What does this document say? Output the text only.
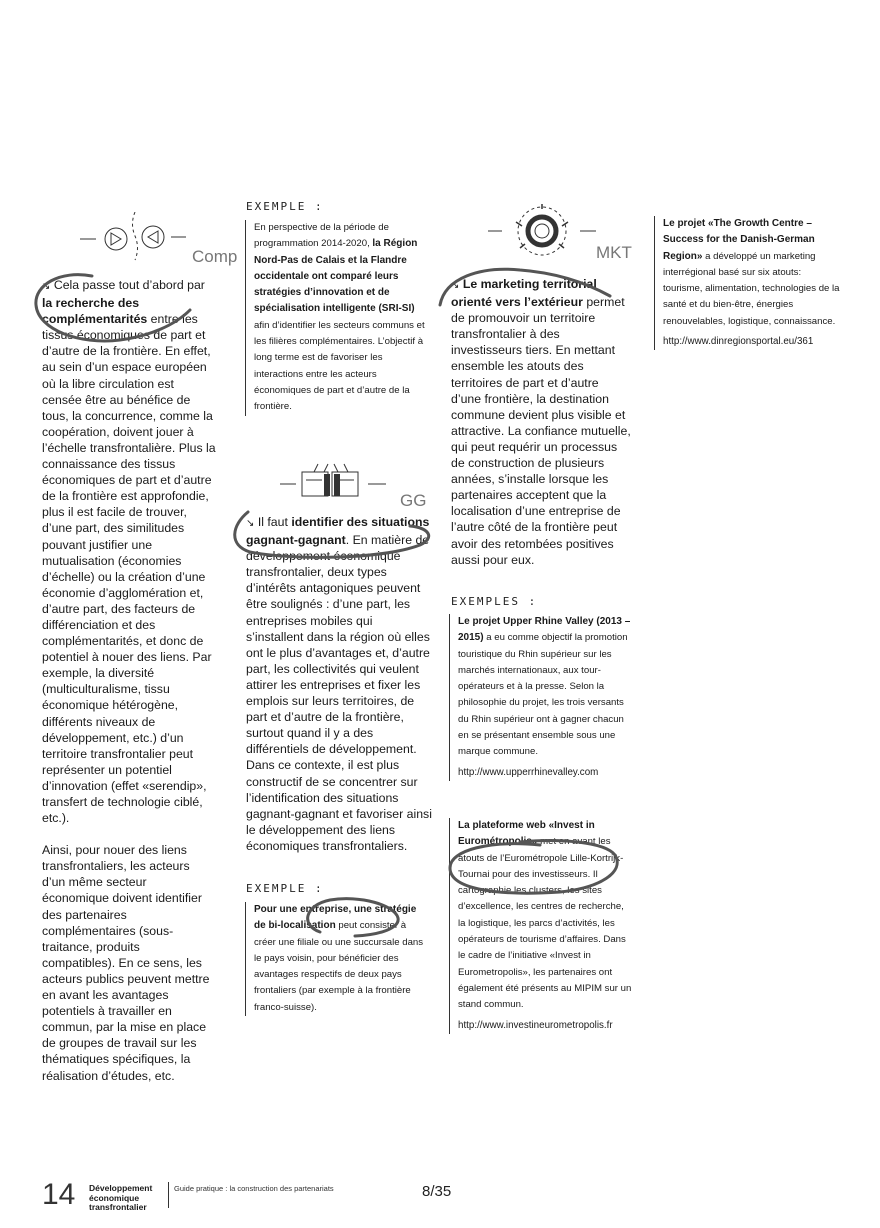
Comp

↘ Cela passe tout d’abord par la recherche des complémentarités entre les tissus économiques de part et d’autre de la frontière. En effet, au sein d’un espace européen où la libre circulation est censée être au bénéfice de tous, la concurrence, comme la coopération, doivent jouer à l’échelle transfrontalière. Plus la connaissance des tissus économiques de part et d’autre de la frontière est approfondie, plus il est facile de trouver, d’une part, des similitudes pouvant justifier une mutualisation (économies d’échelle) ou la création d’une économie d’agglomération et, d’autre part, des facteurs de différenciation et des complémentarités, et donc de potentiel à nouer des liens. Par exemple, la diversité (multiculturalisme, tissu économique hétérogène, différents niveaux de développement, etc.) d’un territoire transfrontalier peut représenter un potentiel d’innovation (effet «serendip», transfert de technologie ciblé, etc.).

Ainsi, pour nouer des liens transfrontaliers, les acteurs d’un même secteur économique doivent identifier des partenaires complémentaires (sous-traitance, produits compatibles). En ce sens, les acteurs publics peuvent mettre en avant les avantages potentiels à travailler en commun, par la mise en place de groupes de travail sur les thématiques spécifiques, la réalisation d’études, etc.

EXEMPLE :
En perspective de la période de programmation 2014-2020, la Région Nord-Pas de Calais et la Flandre occidentale ont comparé leurs stratégies d’innovation et de spécialisation intelligente (SRI-SI) afin d’identifier les secteurs communs et les filières complémentaires. L’objectif à long terme est de favoriser les interactions entre les acteurs économiques de part et d’autre de la frontière.
GG

↘ Il faut identifier des situations gagnant-gagnant. En matière de développement économique transfrontalier, deux types d’intérêts antagoniques peuvent être soulignés : d’une part, les entreprises mobiles qui s’installent dans la région où elles ont le plus d’avantages et, d’autre part, les collectivités qui veulent attirer les entreprises et fixer les emplois sur leurs territoires, de part et d’autre de la frontière, surtout quand il y a des différentiels de développement. Dans ce contexte, il est plus constructif de se concentrer sur l’identification des situations gagnant-gagnant et favoriser ainsi le développement des liens économiques transfrontaliers.

EXEMPLE :
Pour une entreprise, une stratégie de bi-localisation peut consister à créer une filiale ou une succursale dans le pays voisin, pour bénéficier des avantages respectifs de deux pays frontaliers (par exemple à la frontière franco-suisse).
MKT

↘ Le marketing territorial orienté vers l’extérieur permet de promouvoir un territoire transfrontalier à des investisseurs tiers. En mettant ensemble les atouts des territoires de part et d’autre d’une frontière, la destination commune devient plus visible et attractive. La confiance mutuelle, qui peut requérir un processus de construction de plusieurs années, s’installe lorsque les partenaires acceptent que la localisation d’une entreprise de l’autre côté de la frontière peut avoir des retombées positives aussi pour eux.

EXEMPLES :
Le projet Upper Rhine Valley (2013 – 2015) a eu comme objectif la promotion touristique du Rhin supérieur sur les marchés internationaux, aux tour-opérateurs et à la presse. Selon la philosophie du projet, les trois versants du Rhin supérieur ont à gagner chacun en se présentant ensemble sous une marque commune.
http://www.upperrhinevalley.com
La plateforme web «Invest in Eurométropolis» met en avant les atouts de l’Eurométropole Lille-Kortrijk-Tournai pour des investisseurs. Il cartographie les clusters, les sites d’excellence, les centres de recherche, la logistique, les parcs d’activités, les opérateurs de tourisme d’affaires. Dans le cadre de l’initiative «Invest in Eurometropolis», les partenaires ont également été présents au MIPIM sur un stand commun.
http://www.investineurometropolis.fr
Le projet «The Growth Centre – Success for the Danish-German Region» a développé un marketing interrégional basé sur six atouts: tourisme, alimentation, technologies de la santé et du bien-être, énergies renouvelables, logistique, connaissance.
http://www.dinregionsportal.eu/361
14 Développement économique transfrontalier
Guide pratique : la construction des partenariats	8/35
